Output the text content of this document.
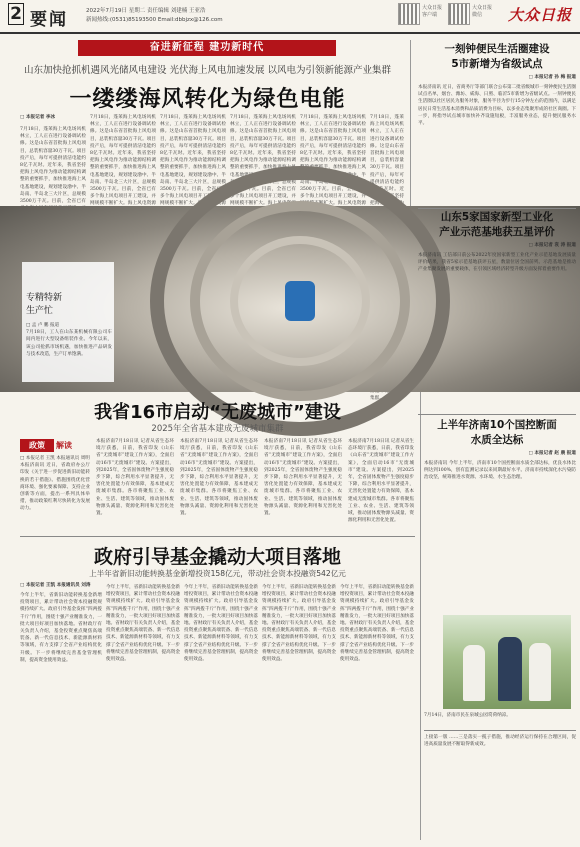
2 要闻	2022年7月19日 星期二 责任编辑 刘建楠 王亚浩
新闻热线:(0531)85193500 Email:dbbjzx@126.com
大众日报
客户端
大众日报
微信	大众日报
奋进新征程 建功新时代
山东加快抢抓机遇风光储风电建设 光伏海上风电加速发展 以风电为引领新能源产业集群
一缕缕海风转化为绿色电能
□ 本报记者 李冰
7月18日，蓬莱海上风电场风机林立，工人正在进行设备调试检修。这是山东省首批海上风电项目，总装机容量30万千瓦。项目投产后，每年可提供清洁电能约8亿千瓦时。近年来，我省坚持把海上风电作为推动能源结构调整的重要抓手，加快推进海上风电基地建设，规划建设渤中、半岛南、半岛北三大片区，总规模3500万千瓦。目前，全省已有
7月18日，蓬莱海上风电场风机林立，工人正在进行设备调试检修。这是山东省首批海上风电项目，总装机容量30万千瓦。项目投产后，每年可提供清洁电能约8亿千瓦时。近年来，我省坚持把海上风电作为推动能源结构调整的重要抓手，加快推进海上风电基地建设，规划建设渤中、半岛南、半岛北三大片区，总规模3500万千瓦。目前，全省已有多个海上风电项目开工建设，并网规模不断扩大。海上风电资源
7月18日，蓬莱海上风电场风机林立，工人正在进行设备调试检修。这是山东省首批海上风电项目，总装机容量30万千瓦。项目投产后，每年可提供清洁电能约8亿千瓦时。近年来，我省坚持把海上风电作为推动能源结构调整的重要抓手，加快推进海上风电基地建设，规划建设渤中、半岛南、半岛北三大片区，总规模3500万千瓦。目前，全省已有多个海上风电项目开工建设，并网规模不断扩大。海上风电资源
7月18日，蓬莱海上风电场风机林立，工人正在进行设备调试检修。这是山东省首批海上风电项目，总装机容量30万千瓦。项目投产后，每年可提供清洁电能约8亿千瓦时。近年来，我省坚持把海上风电作为推动能源结构调整的重要抓手，加快推进海上风电基地建设，规划建设渤中、半岛南、半岛北三大片区，总规模3500万千瓦。目前，全省已有多个海上风电项目开工建设，并网规模不断扩大。海上风电资源
7月18日，蓬莱海上风电场风机林立，工人正在进行设备调试检修。这是山东省首批海上风电项目，总装机容量30万千瓦。项目投产后，每年可提供清洁电能约8亿千瓦时。近年来，我省坚持把海上风电作为推动能源结构调整的重要抓手，加快推进海上风电基地建设，规划建设渤中、半岛南、半岛北三大片区，总规模3500万千瓦。目前，全省已有多个海上风电项目开工建设，并网规模不断扩大。海上风电资源
7月18日，蓬莱海上风电场风机林立，工人正在进行设备调试检修。这是山东省首批海上风电项目，总装机容量30万千瓦。项目投产后，每年可提供清洁电能约8亿千瓦时。近年来，我省坚持把海上风电作为 集群。
专精特新
生产忙
□ 孟 卢 鹏 报道
7月18日，工人在山东某机械有限公司车间内进行大型设备组装作业。今年以来，该公司抢抓市场机遇，加快推进产品研发与技术改造，生产订单饱满。
我省16市启动“无废城市”建设
2025年全省基本建成无废城市集群
政策	解读
□ 本报记者 王凯 本报通讯员 周明
本报济南讯 近日，省政府办公厅印发《关于进一步促进新旧动能转换的若干措施》。措施围绕优化营商环境、强化要素保障、支持企业创新等方面，提出一系列具体举措，推动政策红利尽快转化为发展动力。
本报济南7月18日讯 记者从省生态环境厅获悉，日前，我省印发《山东省“无废城市”建设工作方案》，全面启动16市“无废城市”建设。方案提出，到2025年，全省固体废物产生强度稳步下降，综合利用水平显著提升，无害化处置能力有效保障，基本建成无废城市集群。各市将聚焦工业、农业、生活、建筑等领域，推动固体废物源头减量、资源化利用和无害化处置。
本报济南7月18日讯 记者从省生态环境厅获悉，日前，我省印发《山东省“无废城市”建设工作方案》，全面启动16市“无废城市”建设。方案提出，到2025年，全省固体废物产生强度稳步下降，综合利用水平显著提升，无害化处置能力有效保障，基本建成无废城市集群。各市将聚焦工业、农业、生活、建筑等领域，推动固体废物源头减量、资源化利用和无害化处置。
本报济南7月18日讯 记者从省生态环境厅获悉，日前，我省印发《山东省“无废城市”建设工作方案》，全面启动16市“无废城市”建设。方案提出，到2025年，全省固体废物产生强度稳步下降，综合利用水平显著提升，无害化处置能力有效保障，基本建成无废城市集群。各市将聚焦工业、农业、生活、建筑等领域，推动固体废物源头减量、资源化利用和无害化处置。
本报济南7月18日讯 记者从省生态环境厅获悉，日前，我省印发《山东省“无废城市”建设工作方案》，全面启动16市“无废城市”建设。方案提出，到2025年，全省固体废物产生强度稳步下降，综合利用水平显著提升，无害化处置能力有效保障，基本建成无废城市集群。各市将聚焦工业、农业、生活、建筑等领域，推动固体废物源头减量、资源化利用和无害化处置。
政府引导基金撬动大项目落地
上半年省新旧动能转换基金新增投资158亿元，带动社会资本投融资542亿元
□ 本报记者 王凯 本报通讯员 刘涛
今年上半年，省新旧动能转换基金新增投资项目，累计带动社会资本投融资规模持续扩大。政府引导基金发挥“四两拨千斤”作用，围绕十强产业精准发力，一批大项目好项目加快落地。省财政厅有关负责人介绍，基金投资重点聚焦高端装备、新一代信息技术、新能源新材料等领域，有力支撑了全省产业结构优化升级。下一步将继续完善基金管理机制，提高资金使用效益。
今年上半年，省新旧动能转换基金新增投资项目，累计带动社会资本投融资规模持续扩大。政府引导基金发挥“四两拨千斤”作用，围绕十强产业精准发力，一批大项目好项目加快落地。省财政厅有关负责人介绍，基金投资重点聚焦高端装备、新一代信息技术、新能源新材料等领域，有力支撑了全省产业结构优化升级。下一步将继续完善基金管理机制，提高资金使用效益。
今年上半年，省新旧动能转换基金新增投资项目，累计带动社会资本投融资规模持续扩大。政府引导基金发挥“四两拨千斤”作用，围绕十强产业精准发力，一批大项目好项目加快落地。省财政厅有关负责人介绍，基金投资重点聚焦高端装备、新一代信息技术、新能源新材料等领域，有力支撑了全省产业结构优化升级。下一步将继续完善基金管理机制，提高资金使用效益。
今年上半年，省新旧动能转换基金新增投资项目，累计带动社会资本投融资规模持续扩大。政府引导基金发挥“四两拨千斤”作用，围绕十强产业精准发力，一批大项目好项目加快落地。省财政厅有关负责人介绍，基金投资重点聚焦高端装备、新一代信息技术、新能源新材料等领域，有力支撑了全省产业结构优化升级。下一步将继续完善基金管理机制，提高资金使用效益。
今年上半年，省新旧动能转换基金新增投资项目，累计带动社会资本投融资规模持续扩大。政府引导基金发挥“四两拨千斤”作用，围绕十强产业精准发力，一批大项目好项目加快落地。省财政厅有关负责人介绍，基金投资重点聚焦高端装备、新一代信息技术、新能源新材料等领域，有力支撑了全省产业结构优化升级。下一步将继续完善基金管理机制，提高资金使用效益。
一刻钟便民生活圈建设
5市新增为省级试点
□ 本报记者 孙 梅 报道
本报济南讯 近日，省商务厅等部门联合公布第二批省级城市一刻钟便民生活圈试点名单，烟台、潍坊、威海、日照、临沂5市新增为省级试点。一刻钟便民生活圈以社区居民为服务对象，服务半径为步行15分钟左右的范围内，以满足居民日常生活基本消费和品质消费为目标，以多业态集聚形成的社区商圈。下一步，将指导试点城市加快补齐设施短板，丰富服务业态，提升便民服务水平。
山东5家国家新型工业化
产业示范基地获五星评价
□ 本报记者 袁 涛 报道
本报济南讯 工信部日前公布2022年度国家新型工业化产业示范基地发展质量评价结果，我省5家示范基地获评五星，数量位居全国前列。示范基地是推动产业集聚发展的重要载体，在引领区域经济转型升级方面发挥着重要作用。
上半年济南10个国控断面
水质全达标
□ 本报记者 赵 晨 报道
本报济南讯 今年上半年，济南市10个国控断面水质全部达标，优良水体比例达到100%，创有监测记录以来同期最好水平。济南市持续深化水污染防治攻坚，统筹推进水资源、水环境、水生态治理。
7月14日，济南市民在泉城公园赏荷纳凉。
上接第一版 ……三是落实一揽子措施，推动经济运行保持在合理区间，促进高质量发展不断取得新成效。
